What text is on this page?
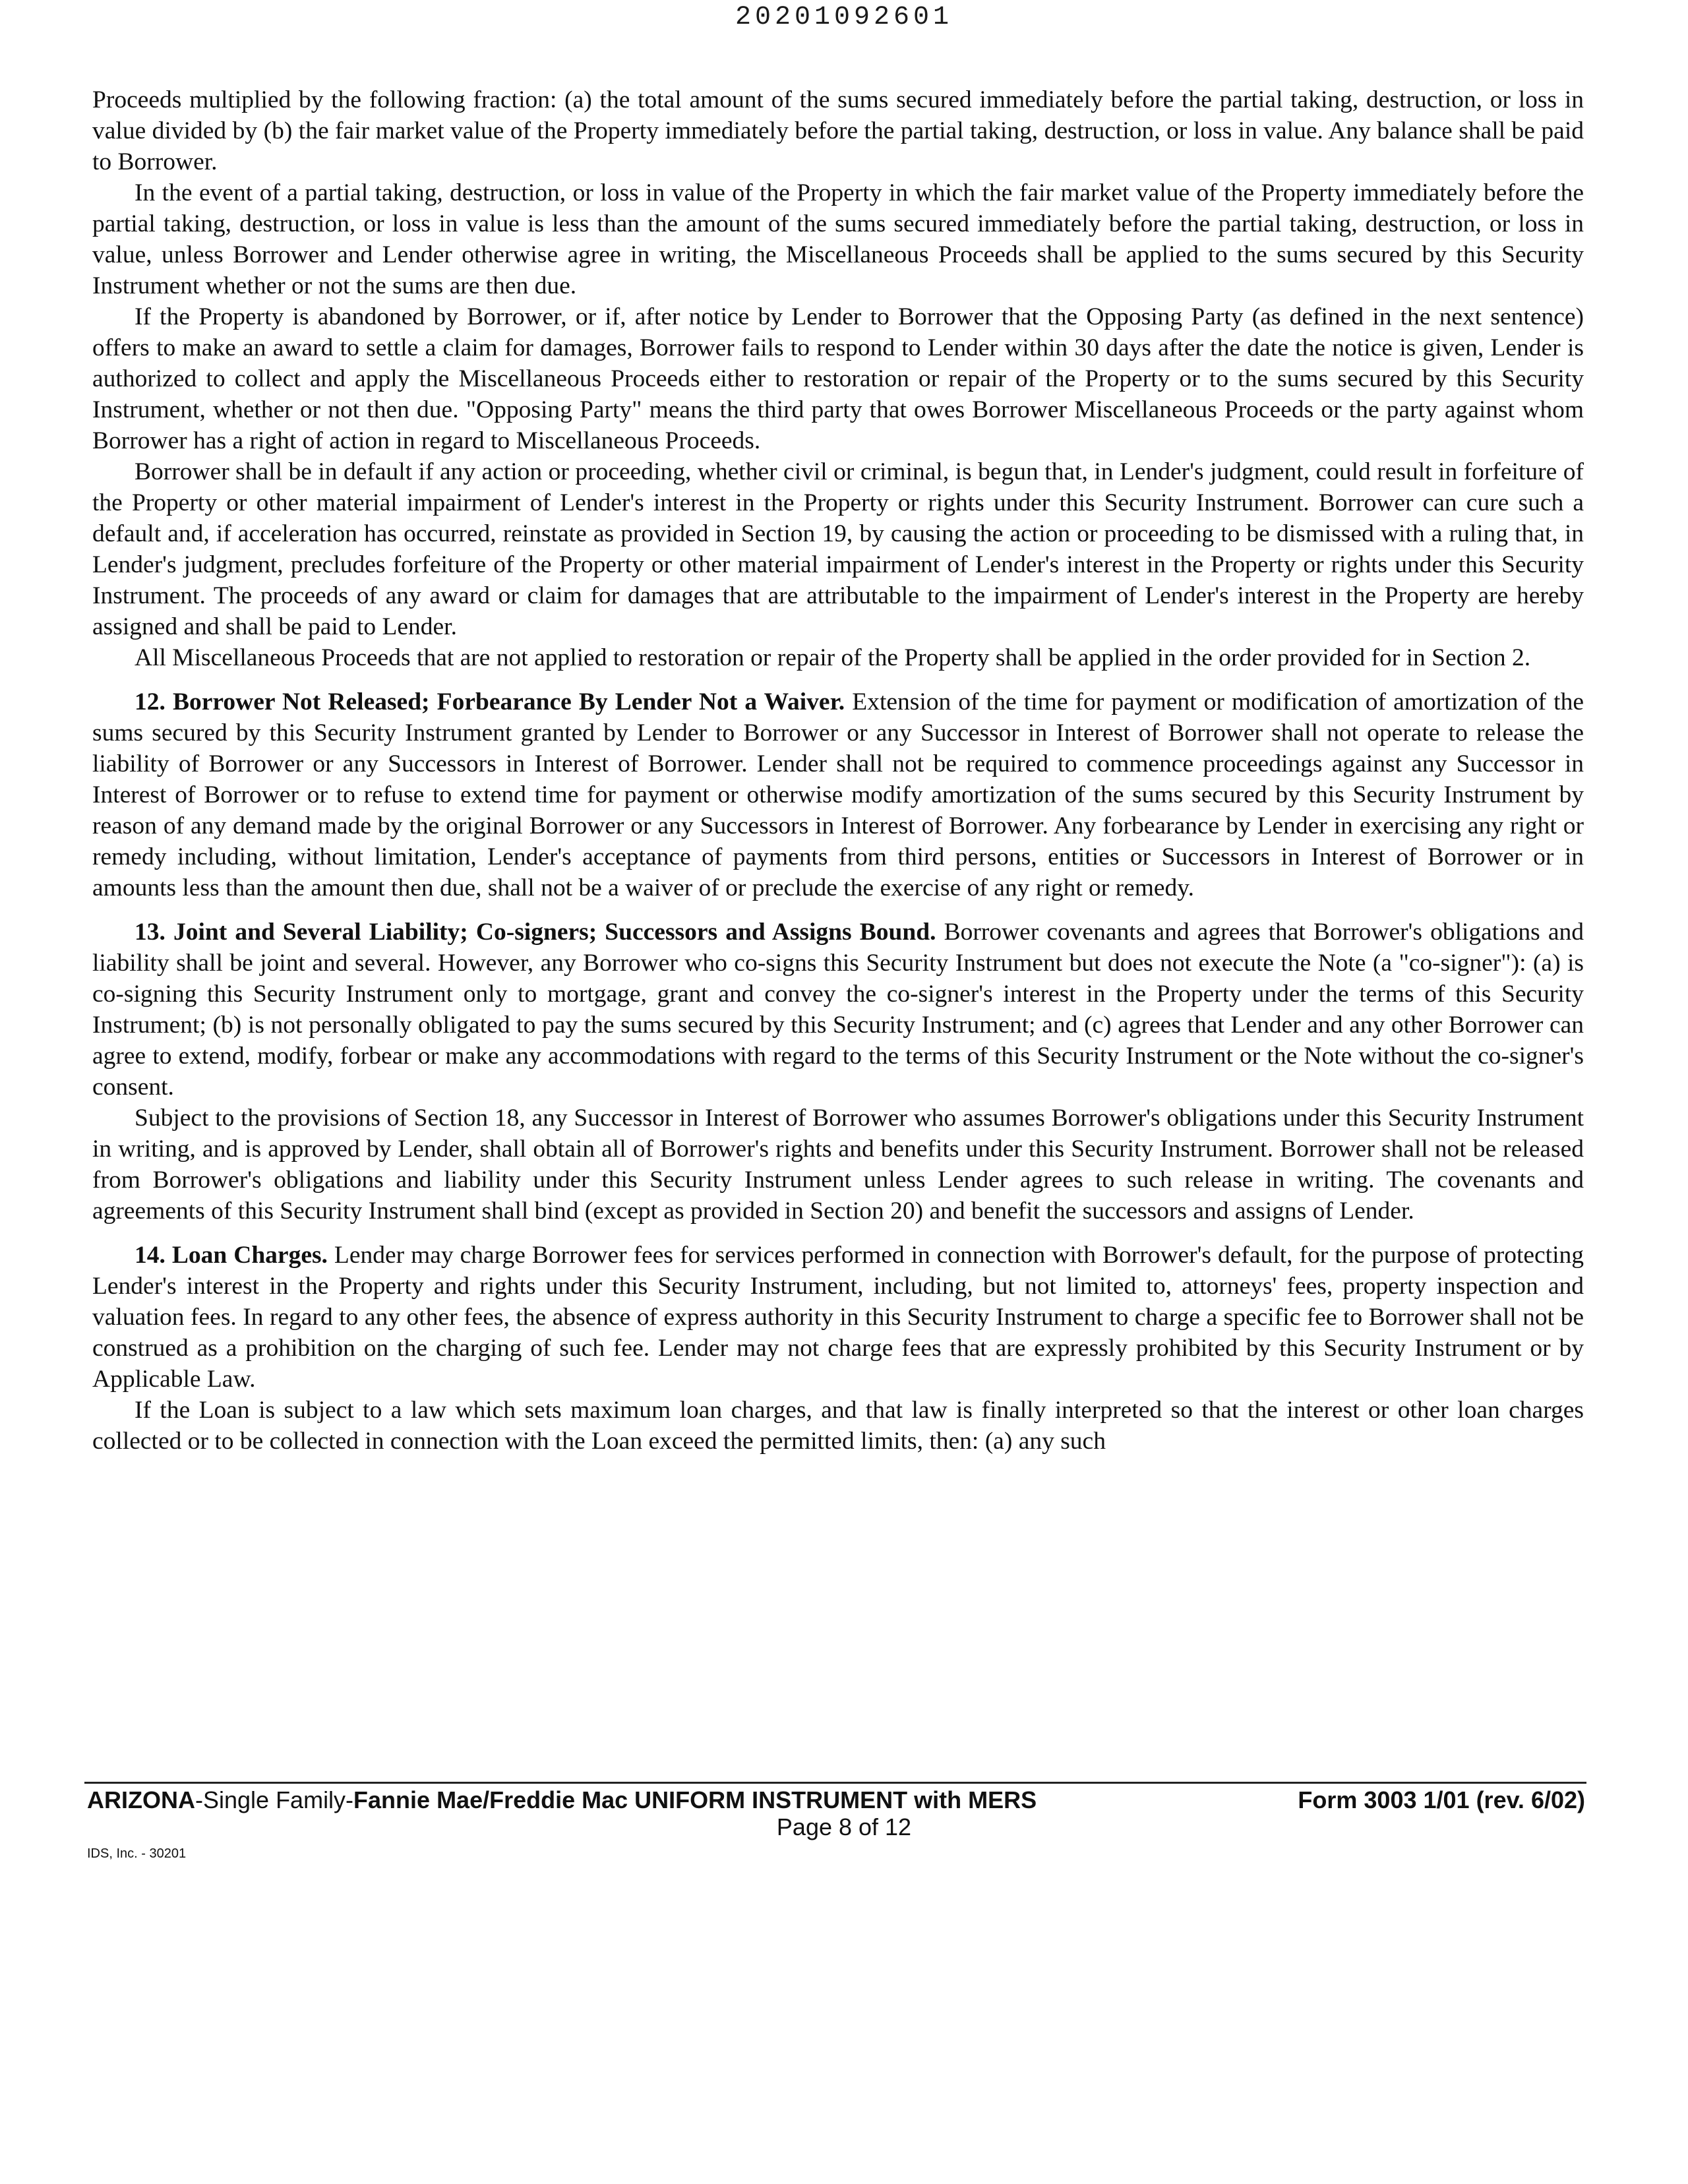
20201092601

Proceeds multiplied by the following fraction: (a) the total amount of the sums secured immediately before the partial taking, destruction, or loss in value divided by (b) the fair market value of the Property immediately before the partial taking, destruction, or loss in value. Any balance shall be paid to Borrower.

In the event of a partial taking, destruction, or loss in value of the Property in which the fair market value of the Property immediately before the partial taking, destruction, or loss in value is less than the amount of the sums secured immediately before the partial taking, destruction, or loss in value, unless Borrower and Lender otherwise agree in writing, the Miscellaneous Proceeds shall be applied to the sums secured by this Security Instrument whether or not the sums are then due.

If the Property is abandoned by Borrower, or if, after notice by Lender to Borrower that the Opposing Party (as defined in the next sentence) offers to make an award to settle a claim for damages, Borrower fails to respond to Lender within 30 days after the date the notice is given, Lender is authorized to collect and apply the Miscellaneous Proceeds either to restoration or repair of the Property or to the sums secured by this Security Instrument, whether or not then due. "Opposing Party" means the third party that owes Borrower Miscellaneous Proceeds or the party against whom Borrower has a right of action in regard to Miscellaneous Proceeds.

Borrower shall be in default if any action or proceeding, whether civil or criminal, is begun that, in Lender's judgment, could result in forfeiture of the Property or other material impairment of Lender's interest in the Property or rights under this Security Instrument. Borrower can cure such a default and, if acceleration has occurred, reinstate as provided in Section 19, by causing the action or proceeding to be dismissed with a ruling that, in Lender's judgment, precludes forfeiture of the Property or other material impairment of Lender's interest in the Property or rights under this Security Instrument. The proceeds of any award or claim for damages that are attributable to the impairment of Lender's interest in the Property are hereby assigned and shall be paid to Lender.

All Miscellaneous Proceeds that are not applied to restoration or repair of the Property shall be applied in the order provided for in Section 2.

12. Borrower Not Released; Forbearance By Lender Not a Waiver. Extension of the time for payment or modification of amortization of the sums secured by this Security Instrument granted by Lender to Borrower or any Successor in Interest of Borrower shall not operate to release the liability of Borrower or any Successors in Interest of Borrower. Lender shall not be required to commence proceedings against any Successor in Interest of Borrower or to refuse to extend time for payment or otherwise modify amortization of the sums secured by this Security Instrument by reason of any demand made by the original Borrower or any Successors in Interest of Borrower. Any forbearance by Lender in exercising any right or remedy including, without limitation, Lender's acceptance of payments from third persons, entities or Successors in Interest of Borrower or in amounts less than the amount then due, shall not be a waiver of or preclude the exercise of any right or remedy.

13. Joint and Several Liability; Co-signers; Successors and Assigns Bound. Borrower covenants and agrees that Borrower's obligations and liability shall be joint and several. However, any Borrower who co-signs this Security Instrument but does not execute the Note (a "co-signer"): (a) is co-signing this Security Instrument only to mortgage, grant and convey the co-signer's interest in the Property under the terms of this Security Instrument; (b) is not personally obligated to pay the sums secured by this Security Instrument; and (c) agrees that Lender and any other Borrower can agree to extend, modify, forbear or make any accommodations with regard to the terms of this Security Instrument or the Note without the co-signer's consent.

Subject to the provisions of Section 18, any Successor in Interest of Borrower who assumes Borrower's obligations under this Security Instrument in writing, and is approved by Lender, shall obtain all of Borrower's rights and benefits under this Security Instrument. Borrower shall not be released from Borrower's obligations and liability under this Security Instrument unless Lender agrees to such release in writing. The covenants and agreements of this Security Instrument shall bind (except as provided in Section 20) and benefit the successors and assigns of Lender.

14. Loan Charges. Lender may charge Borrower fees for services performed in connection with Borrower's default, for the purpose of protecting Lender's interest in the Property and rights under this Security Instrument, including, but not limited to, attorneys' fees, property inspection and valuation fees. In regard to any other fees, the absence of express authority in this Security Instrument to charge a specific fee to Borrower shall not be construed as a prohibition on the charging of such fee. Lender may not charge fees that are expressly prohibited by this Security Instrument or by Applicable Law.

If the Loan is subject to a law which sets maximum loan charges, and that law is finally interpreted so that the interest or other loan charges collected or to be collected in connection with the Loan exceed the permitted limits, then: (a) any such

ARIZONA-Single Family-Fannie Mae/Freddie Mac UNIFORM INSTRUMENT with MERS	Form 3003 1/01 (rev. 6/02)
Page 8 of 12
IDS, Inc. - 30201
